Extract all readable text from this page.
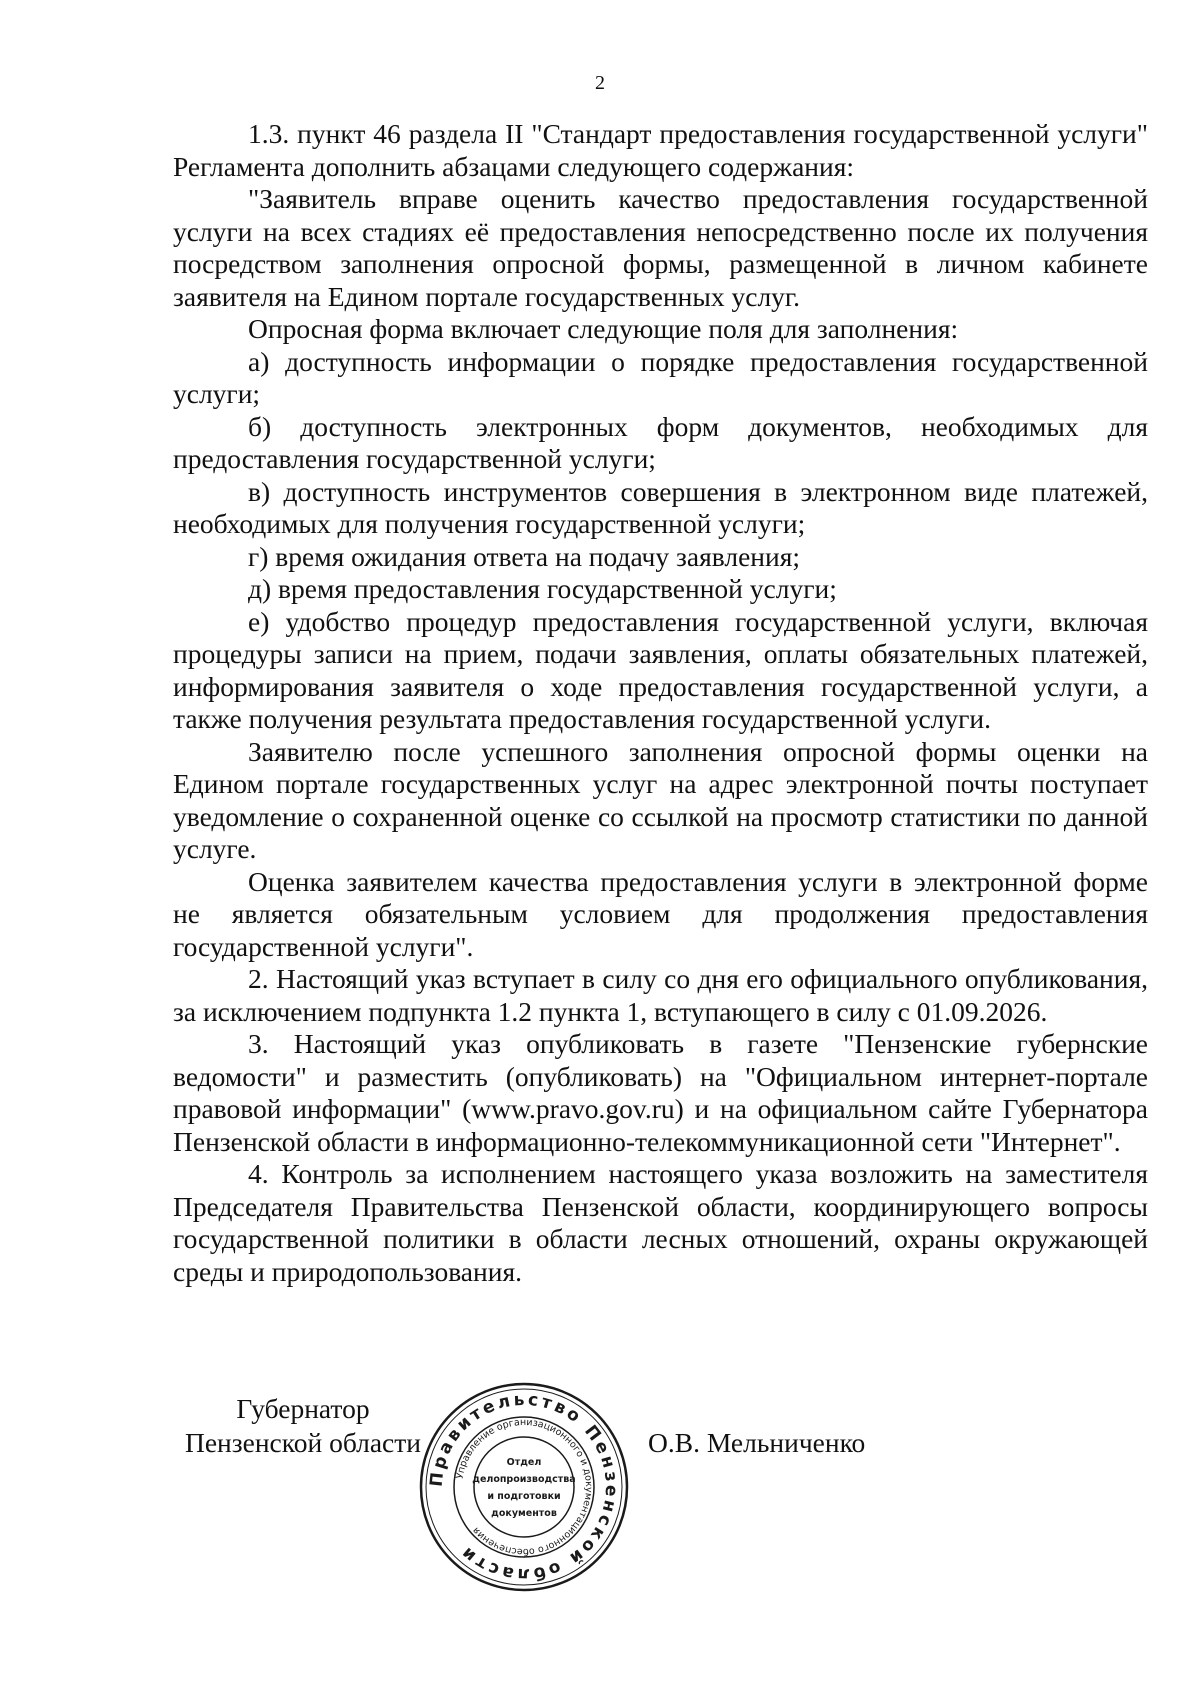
2

1.3. пункт 46 раздела II "Стандарт предоставления государственной услуги" Регламента дополнить абзацами следующего содержания:

"Заявитель вправе оценить качество предоставления государственной услуги на всех стадиях её предоставления непосредственно после их получения посредством заполнения опросной формы, размещенной в личном кабинете заявителя на Едином портале государственных услуг.

Опросная форма включает следующие поля для заполнения:

а) доступность информации о порядке предоставления государственной услуги;

б) доступность электронных форм документов, необходимых для предоставления государственной услуги;

в) доступность инструментов совершения в электронном виде платежей, необходимых для получения государственной услуги;

г) время ожидания ответа на подачу заявления;

д) время предоставления государственной услуги;

е) удобство процедур предоставления государственной услуги, включая процедуры записи на прием, подачи заявления, оплаты обязательных платежей, информирования заявителя о ходе предоставления государственной услуги, а также получения результата предоставления государственной услуги.

Заявителю после успешного заполнения опросной формы оценки на Едином портале государственных услуг на адрес электронной почты поступает уведомление о сохраненной оценке со ссылкой на просмотр статистики по данной услуге.

Оценка заявителем качества предоставления услуги в электронной форме не является обязательным условием для продолжения предоставления государственной услуги".

2. Настоящий указ вступает в силу со дня его официального опубликования, за исключением подпункта 1.2 пункта 1, вступающего в силу с 01.09.2026.

3. Настоящий указ опубликовать в газете "Пензенские губернские ведомости" и разместить (опубликовать) на "Официальном интернет-портале правовой информации" (www.pravo.gov.ru) и на официальном сайте Губернатора Пензенской области в информационно-телекоммуникационной сети "Интернет".

4. Контроль за исполнением настоящего указа возложить на заместителя Председателя Правительства Пензенской области, координирующего вопросы государственной политики в области лесных отношений, охраны окружающей среды и природопользования.

Губернатор
Пензенской области
Правительство Пензенской области
Управление организационного и документационного обеспечения
Отдел
делопроизводства
и подготовки
документов
О.В. Мельниченко
